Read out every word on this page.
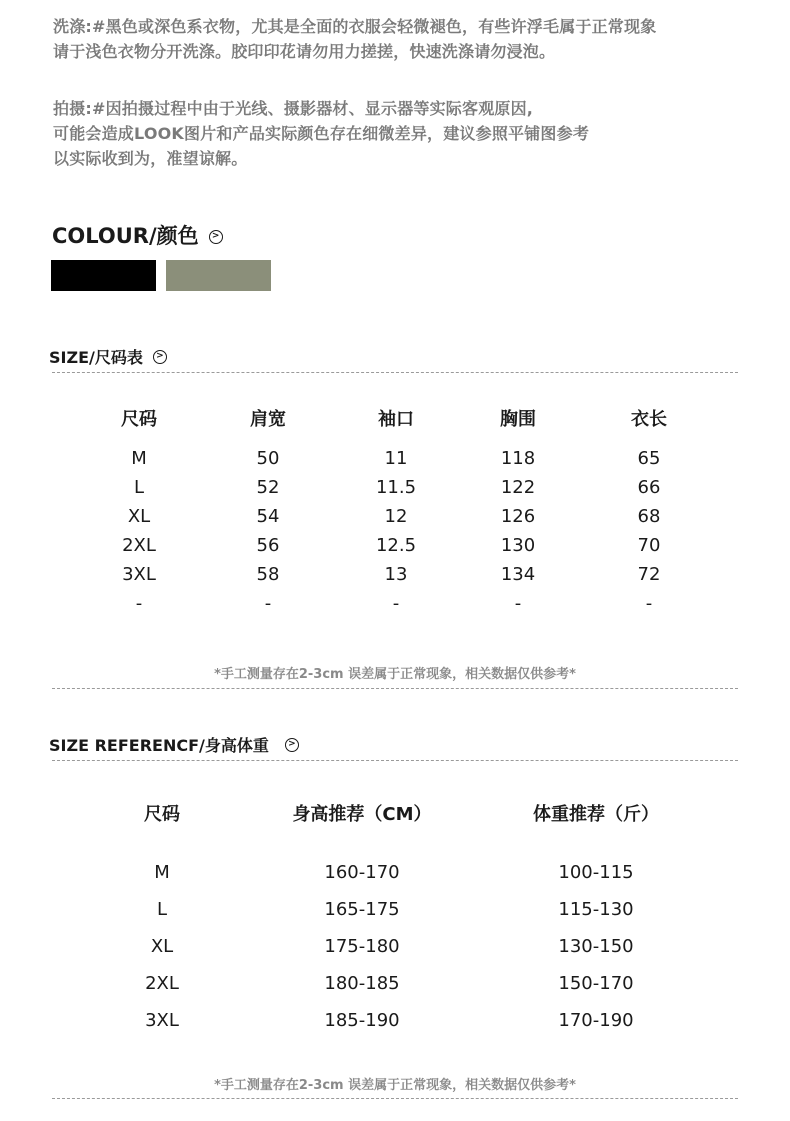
洗涤:#黑色或深色系衣物，尤其是全面的衣服会轻微褪色，有些许浮毛属于正常现象

请于浅色衣物分开洗涤。胶印印花请勿用力搓搓，快速洗涤请勿浸泡。

拍摄:#因拍摄过程中由于光线、摄影器材、显示器等实际客观原因,

可能会造成LOOK图片和产品实际颜色存在细微差异，建议参照平铺图参考

以实际收到为，准望谅解。

COLOUR/颜色	>
SIZE/尺码表	>
尺码	肩宽	袖口	胸围	衣长
M	50	11	118	65
L	52	11.5	122	66
XL	54	12	126	68
2XL	56	12.5	130	70
3XL	58	13	134	72
-	-	-	-	-
*手工测量存在2-3cm 误差属于正常现象，相关数据仅供参考*
SIZE REFERENCF/身高体重	>
尺码	身高推荐（CM）	体重推荐（斤）
M	160-170	100-115
L	165-175	115-130
XL	175-180	130-150
2XL	180-185	150-170
3XL	185-190	170-190
*手工测量存在2-3cm 误差属于正常现象，相关数据仅供参考*
